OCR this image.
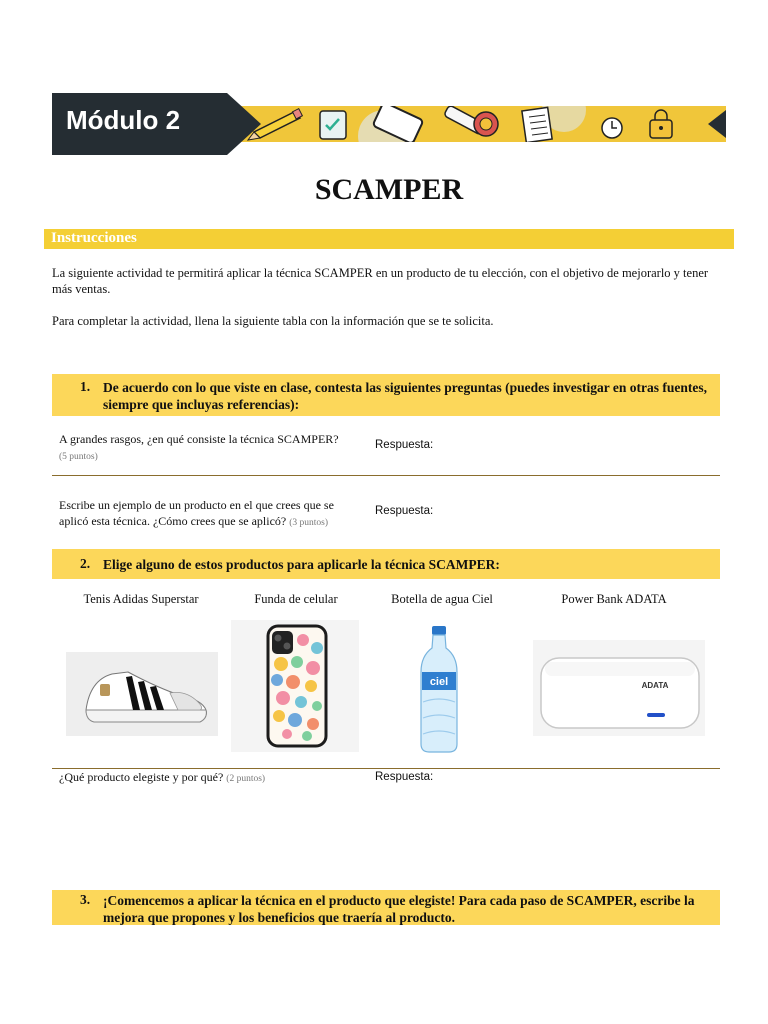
Módulo 2
SCAMPER
Instrucciones
La siguiente actividad te permitirá aplicar la técnica SCAMPER en un producto de tu elección, con el objetivo de mejorarlo y tener más ventas.
Para completar la actividad, llena la siguiente tabla con la información que se te solicita.
1. De acuerdo con lo que viste en clase, contesta las siguientes preguntas (puedes investigar en otras fuentes, siempre que incluyas referencias):
A grandes rasgos, ¿en qué consiste la técnica SCAMPER?
(5 puntos)
Respuesta:
Escribe un ejemplo de un producto en el que crees que se aplicó esta técnica. ¿Cómo crees que se aplicó? (3 puntos)
Respuesta:
2. Elige alguno de estos productos para aplicarle la técnica SCAMPER:
Tenis Adidas Superstar	Funda de celular	Botella de agua Ciel	Power Bank ADATA
ciel	ADATA
¿Qué producto elegiste y por qué? (2 puntos)	Respuesta:
3. ¡Comencemos a aplicar la técnica en el producto que elegiste! Para cada paso de SCAMPER, escribe la mejora que propones y los beneficios que traería al producto.
